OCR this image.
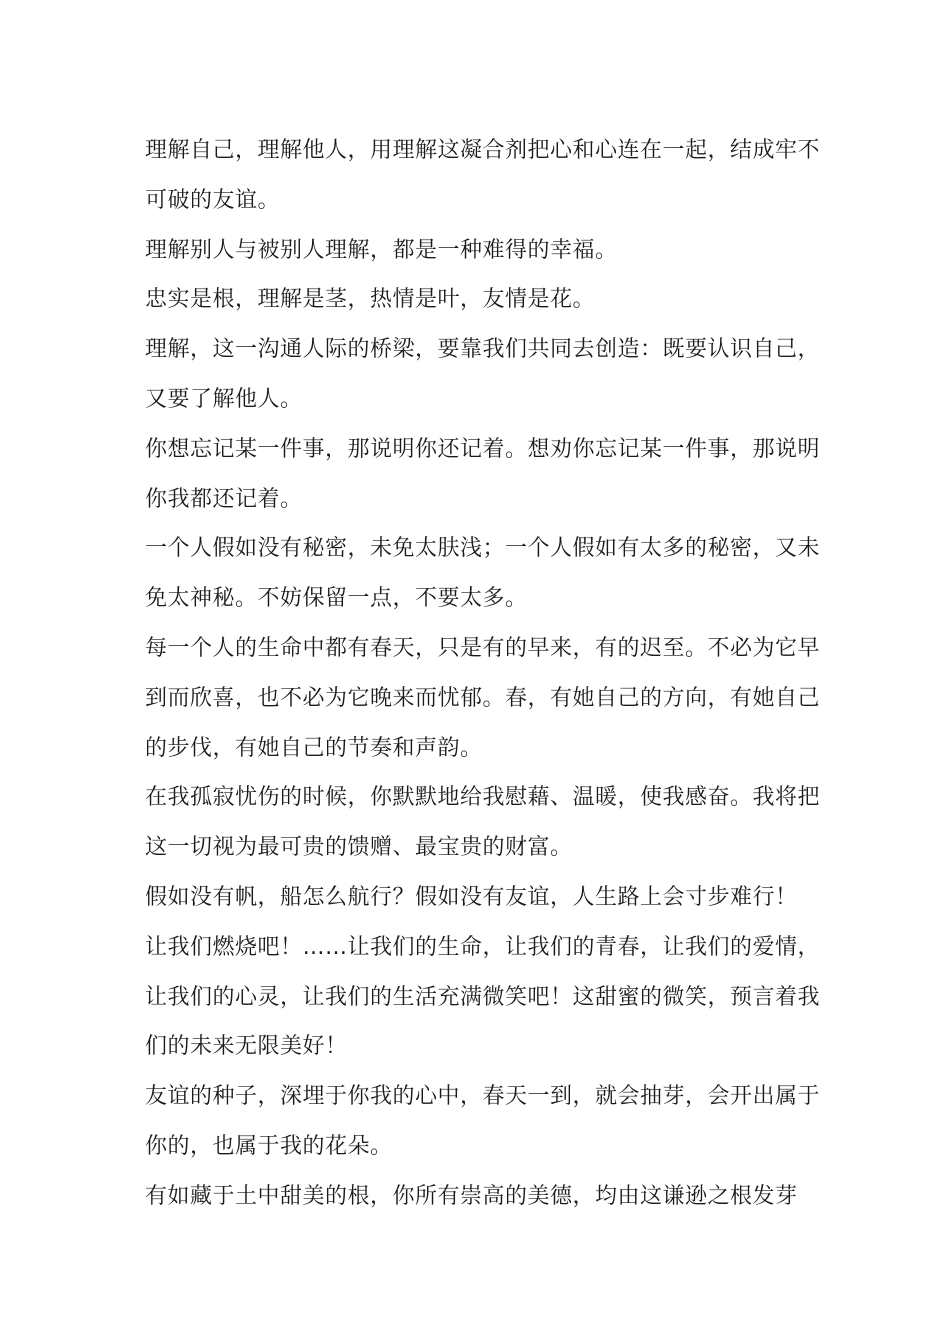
理解自己，理解他人，用理解这凝合剂把心和心连在一起，结成牢不可破的友谊。

理解别人与被别人理解，都是一种难得的幸福。

忠实是根，理解是茎，热情是叶，友情是花。

理解，这一沟通人际的桥梁，要靠我们共同去创造：既要认识自己，又要了解他人。

你想忘记某一件事，那说明你还记着。想劝你忘记某一件事，那说明你我都还记着。

一个人假如没有秘密，未免太肤浅；一个人假如有太多的秘密，又未免太神秘。不妨保留一点，不要太多。

每一个人的生命中都有春天，只是有的早来，有的迟至。不必为它早到而欣喜，也不必为它晚来而忧郁。春，有她自己的方向，有她自己的步伐，有她自己的节奏和声韵。

在我孤寂忧伤的时候，你默默地给我慰藉、温暖，使我感奋。我将把这一切视为最可贵的馈赠、最宝贵的财富。

假如没有帆，船怎么航行？假如没有友谊，人生路上会寸步难行！

让我们燃烧吧！……让我们的生命，让我们的青春，让我们的爱情，让我们的心灵，让我们的生活充满微笑吧！这甜蜜的微笑，预言着我们的未来无限美好！

友谊的种子，深埋于你我的心中，春天一到，就会抽芽，会开出属于你的，也属于我的花朵。

有如藏于土中甜美的根，你所有崇高的美德，均由这谦逊之根发芽
